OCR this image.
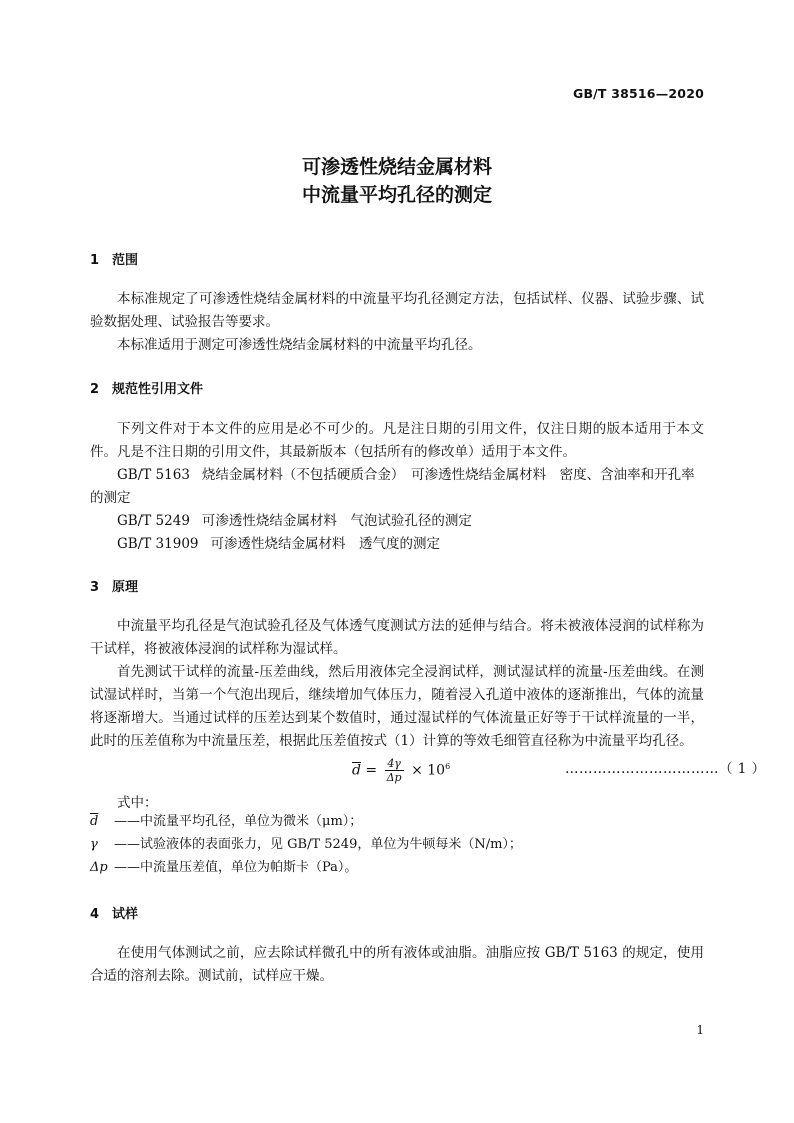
GB/T 38516—2020
可渗透性烧结金属材料
中流量平均孔径的测定
1 范围
本标准规定了可渗透性烧结金属材料的中流量平均孔径测定方法，包括试样、仪器、试验步骤、试验数据处理、试验报告等要求。
本标准适用于测定可渗透性烧结金属材料的中流量平均孔径。
2 规范性引用文件
下列文件对于本文件的应用是必不可少的。凡是注日期的引用文件，仅注日期的版本适用于本文件。凡是不注日期的引用文件，其最新版本（包括所有的修改单）适用于本文件。
GB/T 5163 烧结金属材料（不包括硬质合金）　可渗透性烧结金属材料　密度、含油率和开孔率的测定
GB/T 5249 可渗透性烧结金属材料　气泡试验孔径的测定
GB/T 31909 可渗透性烧结金属材料　透气度的测定
3 原理
中流量平均孔径是气泡试验孔径及气体透气度测试方法的延伸与结合。将未被液体浸润的试样称为干试样，将被液体浸润的试样称为湿试样。
首先测试干试样的流量-压差曲线，然后用液体完全浸润试样，测试湿试样的流量-压差曲线。在测试湿试样时，当第一个气泡出现后，继续增加气体压力，随着浸入孔道中液体的逐渐推出，气体的流量将逐渐增大。当通过试样的压差达到某个数值时，通过湿试样的气体流量正好等于干试样流量的一半，此时的压差值称为中流量压差，根据此压差值按式（1）计算的等效毛细管直径称为中流量平均孔径。
$\overline{d} = \frac{4\gamma}{\Delta p} \times 10^6$	……………………………（ 1 ）
式中：
$\overline{d}$ ——中流量平均孔径，单位为微米（μm）；
γ ——试验液体的表面张力，见 GB/T 5249，单位为牛顿每米（N/m）；
Δp ——中流量压差值，单位为帕斯卡（Pa）。
4 试样
在使用气体测试之前，应去除试样微孔中的所有液体或油脂。油脂应按 GB/T 5163 的规定，使用合适的溶剂去除。测试前，试样应干燥。
1
